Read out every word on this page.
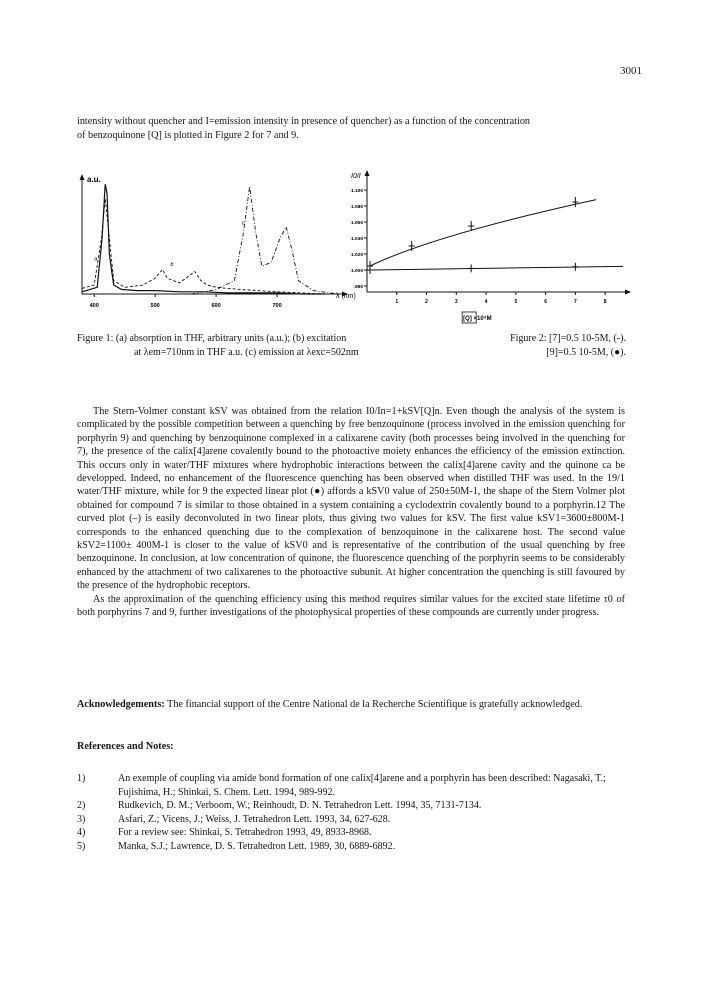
3001
intensity without quencher and I=emission intensity in presence of quencher) as a function of the concentration
of benzoquinone [Q] is plotted in Figure 2 for 7 and 9.
a.u.
λ (nm)
400	500	600	700
a
b
c
I0/I
1.100
1.080
1.060
1.040
1.020
1.000
.980
1	2	3	4	5	6	7	8
[Q] ×10⁴M
Figure 1: (a) absorption in THF, arbitrary units (a.u.); (b) excitation
at λem=710nm in THF a.u. (c) emission at λexc=502nm
Figure 2: [7]=0.5 10-5M, (-).
[9]=0.5 10-5M, (●).

The Stern-Volmer constant kSV was obtained from the relation I0/In=1+kSV[Q]n. Even though the analysis of the system is complicated by the possible competition between a quenching by free benzoquinone (process involved in the emission quenching for porphyrin 9) and quenching by benzoquinone complexed in a calixarene cavity (both processes being involved in the quenching for 7), the presence of the calix[4]arene covalently bound to the photoactive moiety enhances the efficiency of the emission extinction. This occurs only in water/THF mixtures where hydrophobic interactions between the calix[4]arene cavity and the quinone ca be developped. Indeed, no enhancement of the fluorescence quenching has been observed when distilled THF was used. In the 19/1 water/THF mixture, while for 9 the expected linear plot (●) affords a kSV0 value of 250±50M-1, the shape of the Stern Volmer plot obtained for compound 7 is similar to those obtained in a system containing a cyclodextrin covalently bound to a porphyrin.12 The curved plot (–) is easily deconvoluted in two linear plots, thus giving two values for kSV. The first value kSV1=3600±800M-1 corresponds to the enhanced quenching due to the complexation of benzoquinone in the calixarene host. The second value kSV2=1100± 400M-1 is closer to the value of kSV0 and is representative of the contribution of the usual quenching by free benzoquinone. In conclusion, at low concentration of quinone, the fluorescence quenching of the porphyrin seems to be considerably enhanced by the attachment of two calixarenes to the photoactive subunit. At higher concentration the quenching is still favoured by the presence of the hydrophobic receptors.

As the approximation of the quenching efficiency using this method requires similar values for the excited state lifetime τ0 of both porphyrins 7 and 9, further investigations of the photophysical properties of these compounds are currently under progress.

Acknowledgements: The financial support of the Centre National de la Recherche Scientifique is gratefully acknowledged.
References and Notes:
1)	An exemple of coupling via amide bond formation of one calix[4]arene and a porphyrin has been described: Nagasaki, T.; Fujishima, H.; Shinkai, S. Chem. Lett. 1994, 989-992.
2)	Rudkevich, D. M.; Verboom, W.; Reinhoudt, D. N. Tetrahedron Lett. 1994, 35, 7131-7134.
3)	Asfari, Z.; Vicens, J.; Weiss, J. Tetrahedron Lett. 1993, 34, 627-628.
4)	For a review see: Shinkai, S. Tetrahedron 1993, 49, 8933-8968.
5)	Manka, S.J.; Lawrence, D. S. Tetrahedron Lett. 1989, 30, 6889-6892.
